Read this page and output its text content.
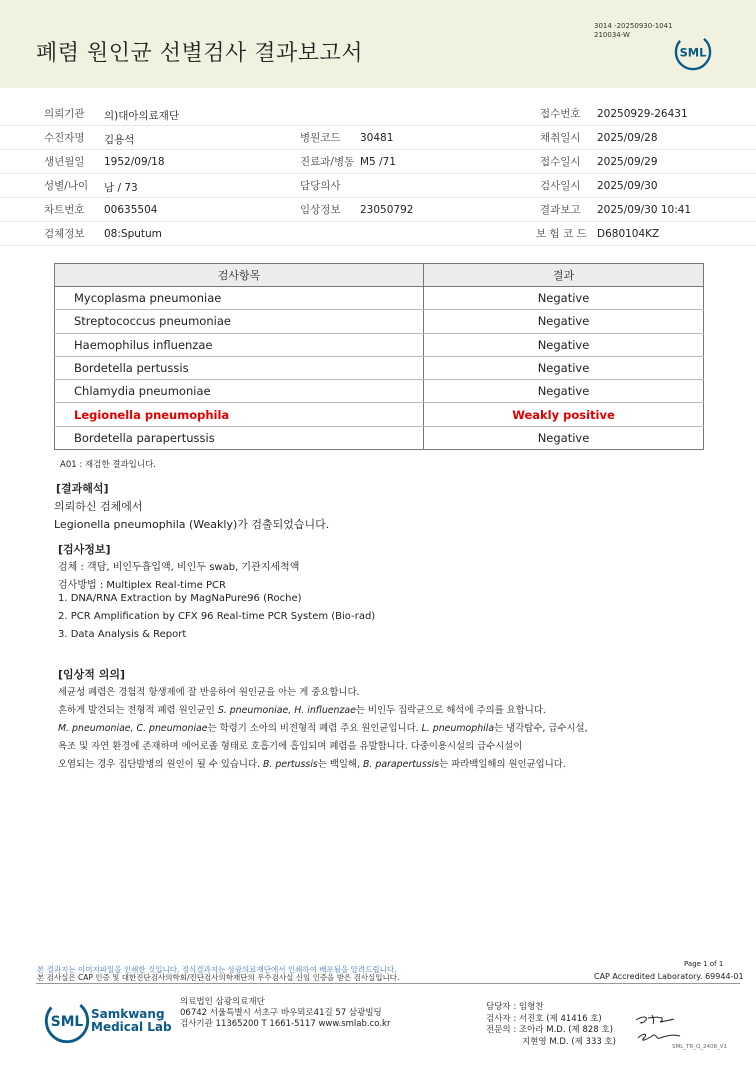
폐렴 원인균 선별검사 결과보고서
3014 -20250930-1041
210034-W
SML
의뢰기관 의)대아의료재단	접수번호 20250929-26431
수진자명 김용석	병원코드 30481	채취일시 2025/09/28
생년월일 1952/09/18	진료과/병동 M5 /71	접수일시 2025/09/29
성별/나이 남 / 73	담당의사	검사일시 2025/09/30
차트번호 00635504	임상정보 23050792	결과보고 2025/09/30 10:41
검체정보 08:Sputum	보 험 코 드 D680104KZ
검사항목	결과
Mycoplasma pneumoniae	Negative
Streptococcus pneumoniae	Negative
Haemophilus influenzae	Negative
Bordetella pertussis	Negative
Chlamydia pneumoniae	Negative
Legionella pneumophila	Weakly positive
Bordetella parapertussis	Negative
A01 : 재검한 결과입니다.
[결과해석]
의뢰하신 검체에서
Legionella pneumophila (Weakly)가 검출되었습니다.
[검사정보]
검체 : 객담, 비인두흡입액, 비인두 swab, 기관지세척액
검사방법 : Multiplex Real-time PCR
1. DNA/RNA Extraction by MagNaPure96 (Roche)
2. PCR Amplification by CFX 96 Real-time PCR System (Bio-rad)
3. Data Analysis & Report
[임상적 의의]
세균성 폐렴은 경험적 항생제에 잘 반응하여 원인균을 아는 게 중요합니다.
흔하게 발견되는 전형적 폐렴 원인균인 S. pneumoniae, H. influenzae는 비인두 집락균으로 해석에 주의를 요합니다.
M. pneumoniae, C. pneumoniae는 학령기 소아의 비전형적 폐렴 주요 원인균입니다. L. pneumophila는 냉각탑수, 급수시설,
욕조 및 자연 환경에 존재하며 에어로졸 형태로 호흡기에 흡입되며 폐렴을 유발합니다. 다중이용시설의 급수시설이
오염되는 경우 집단발병의 원인이 될 수 있습니다. B. pertussis는 백일해, B. parapertussis는 파라백일해의 원인균입니다.
본 결과지는 이미지파일을 인쇄한 것입니다. 정식결과지는 삼광의료재단에서 인쇄하여 배포됨을 알려드립니다.
본 검사실은 CAP 인증 및 대한진단검사의학회/진단검사의학재단의 우수검사실 신임 인증을 받은 검사실입니다.
Page 1 of 1
CAP Accredited Laboratory. 69944-01
SML
Samkwang
Medical Lab
의료법인 삼광의료재단
06742 서울특별시 서초구 바우뫼로41길 57 삼광빌딩
검사기관 11365200 T 1661-5117 www.smlab.co.kr
담당자 : 임형찬
검사자 : 서진호 (제 41416 호)
전문의 : 조아라 M.D. (제 828 호)
지현영 M.D. (제 333 호)
SML_TR_Q_2408_V1
